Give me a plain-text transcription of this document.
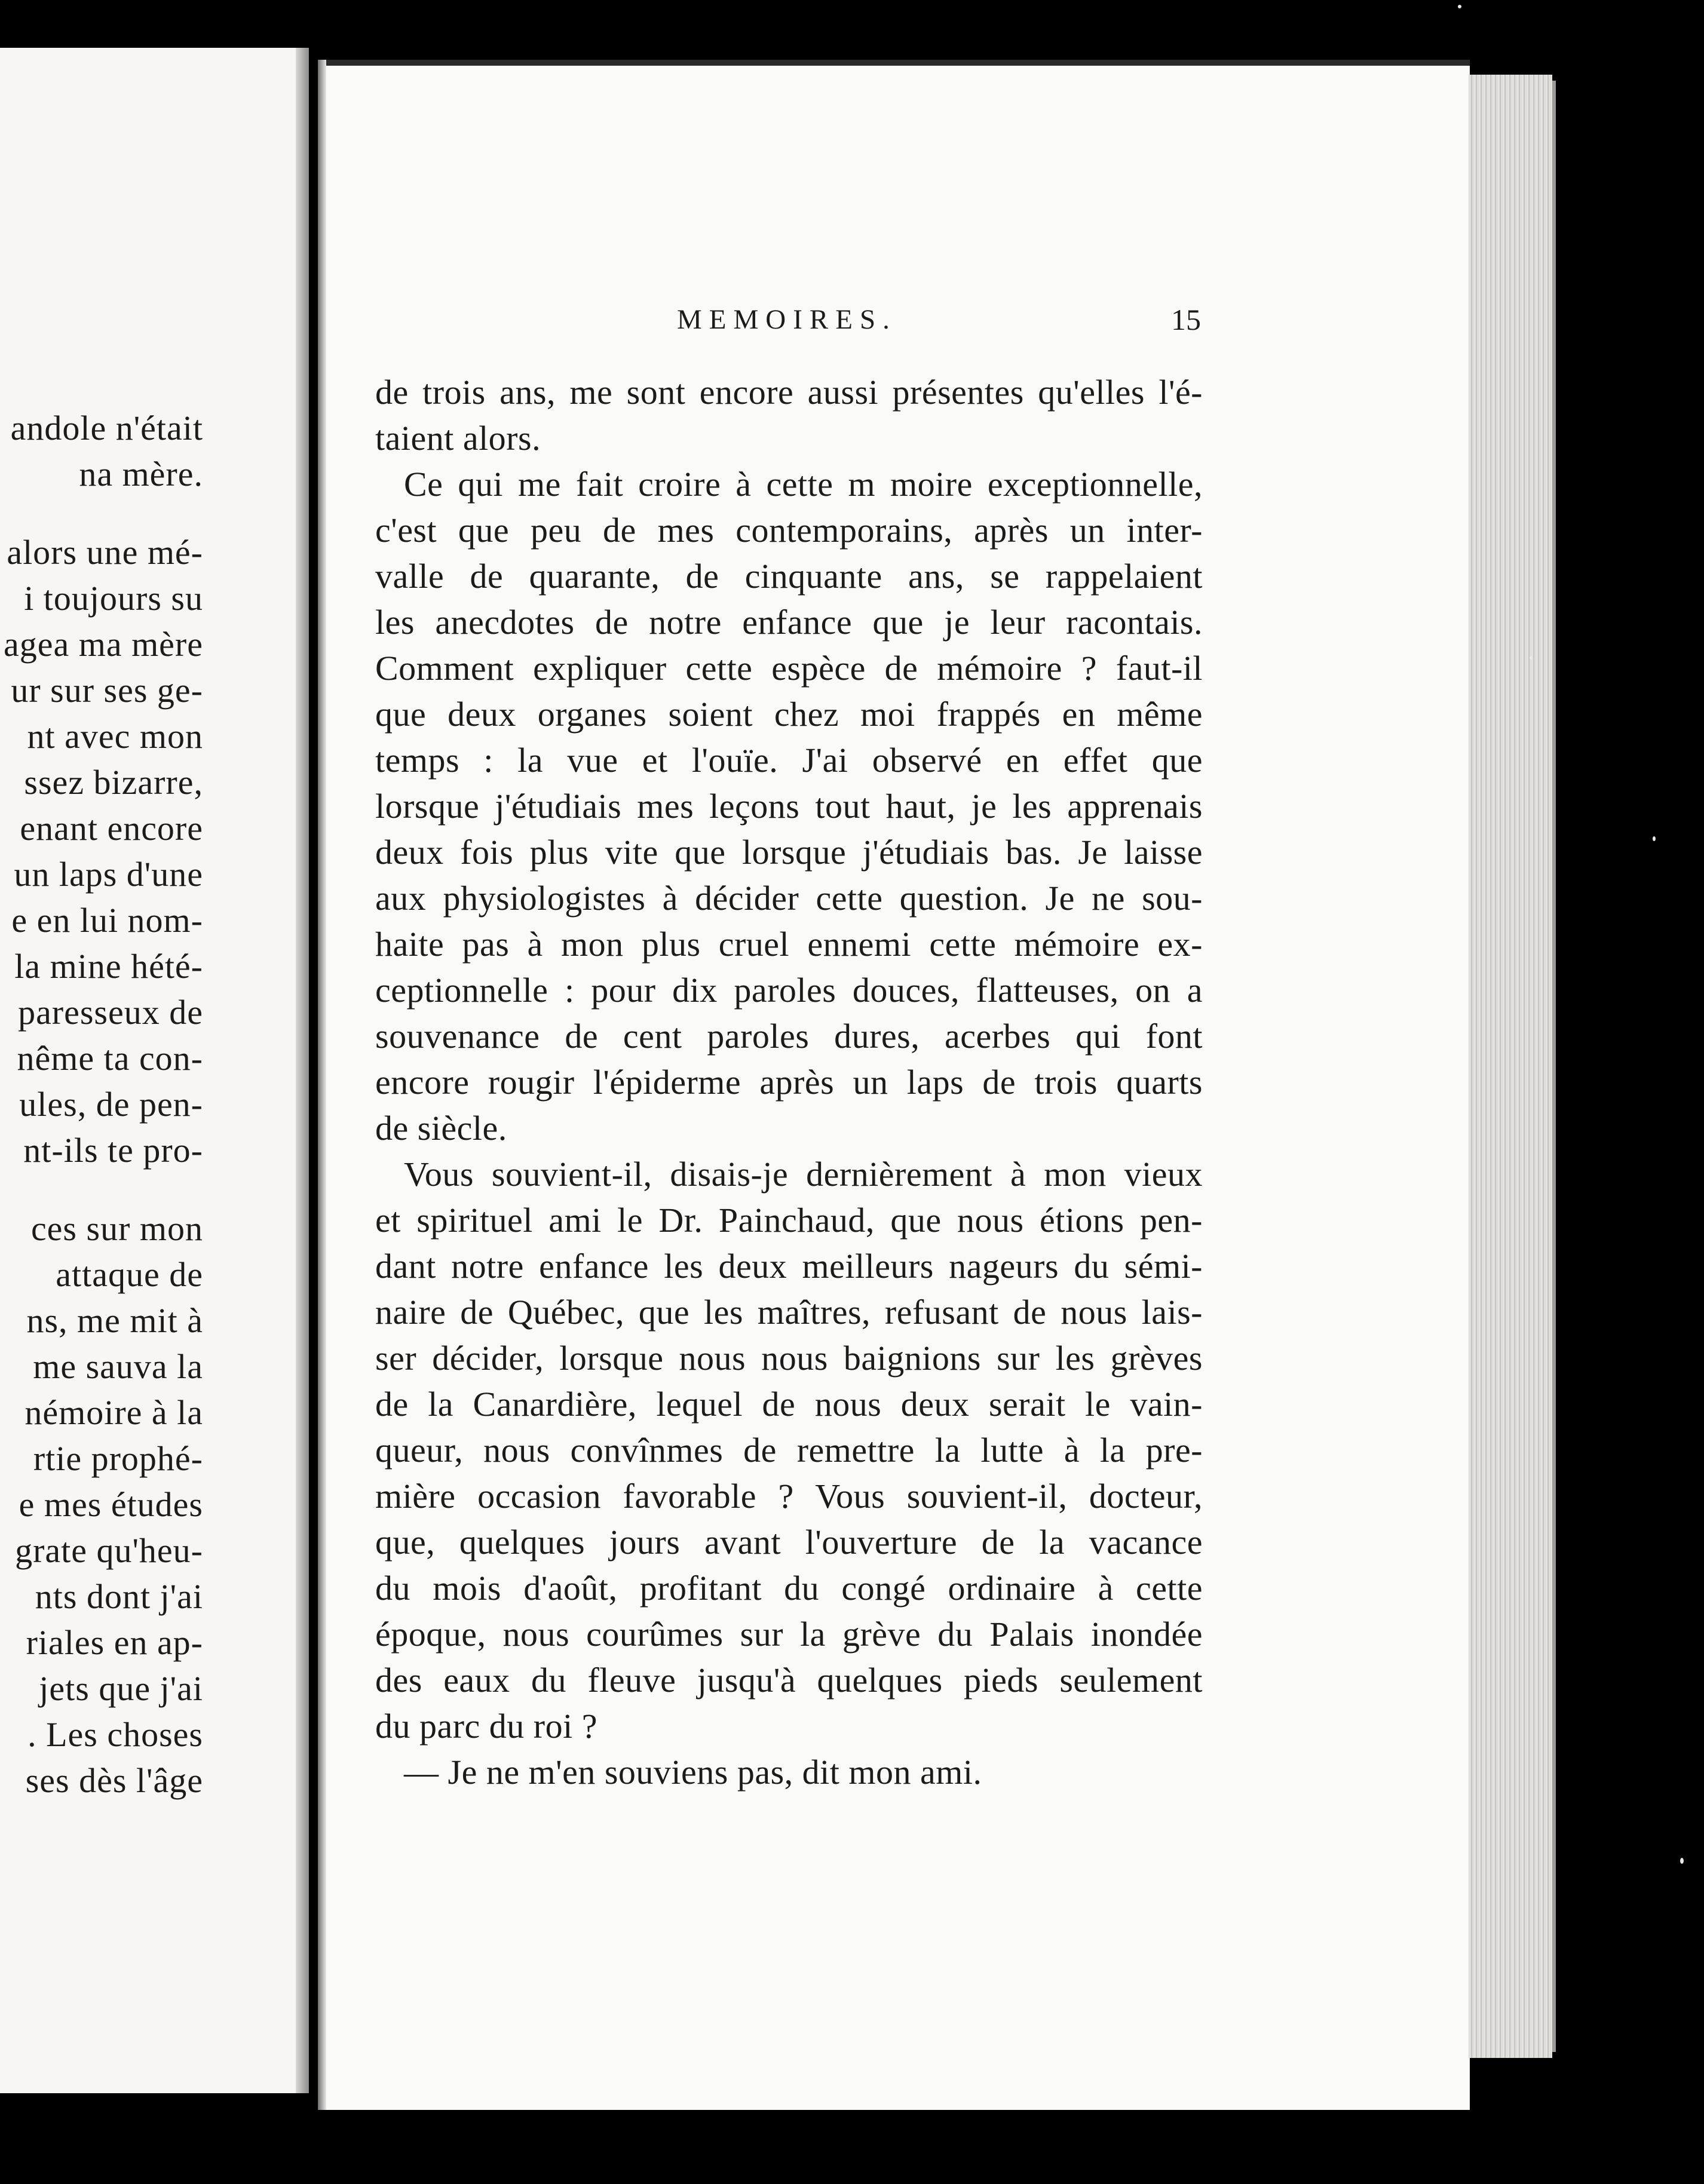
andole n'était
na mère.
alors une mé-
i toujours su
agea ma mère
ur sur ses ge-
nt avec mon
ssez bizarre,
enant encore
un laps d'une
e en lui nom-
la mine hété-
paresseux de
nême ta con-
ules, de pen-
nt-ils te pro-
ces sur mon
attaque de
ns, me mit à
me sauva la
némoire à la
rtie prophé-
e mes études
grate qu'heu-
nts dont j'ai
riales en ap-
jets que j'ai
. Les choses
ses dès l'âge
MEMOIRES.	15
de trois ans, me sont encore aussi présentes qu'elles l'é-
taient alors.
Ce qui me fait croire à cette m moire exceptionnelle,
c'est que peu de mes contemporains, après un inter-
valle de quarante, de cinquante ans, se rappelaient
les anecdotes de notre enfance que je leur racontais.
Comment expliquer cette espèce de mémoire ? faut-il
que deux organes soient chez moi frappés en même
temps : la vue et l'ouïe. J'ai observé en effet que
lorsque j'étudiais mes leçons tout haut, je les apprenais
deux fois plus vite que lorsque j'étudiais bas. Je laisse
aux physiologistes à décider cette question. Je ne sou-
haite pas à mon plus cruel ennemi cette mémoire ex-
ceptionnelle : pour dix paroles douces, flatteuses, on a
souvenance de cent paroles dures, acerbes qui font
encore rougir l'épiderme après un laps de trois quarts
de siècle.
Vous souvient-il, disais-je dernièrement à mon vieux
et spirituel ami le Dr. Painchaud, que nous étions pen-
dant notre enfance les deux meilleurs nageurs du sémi-
naire de Québec, que les maîtres, refusant de nous lais-
ser décider, lorsque nous nous baignions sur les grèves
de la Canardière, lequel de nous deux serait le vain-
queur, nous convînmes de remettre la lutte à la pre-
mière occasion favorable ? Vous souvient-il, docteur,
que, quelques jours avant l'ouverture de la vacance
du mois d'août, profitant du congé ordinaire à cette
époque, nous courûmes sur la grève du Palais inondée
des eaux du fleuve jusqu'à quelques pieds seulement
du parc du roi ?
— Je ne m'en souviens pas, dit mon ami.
